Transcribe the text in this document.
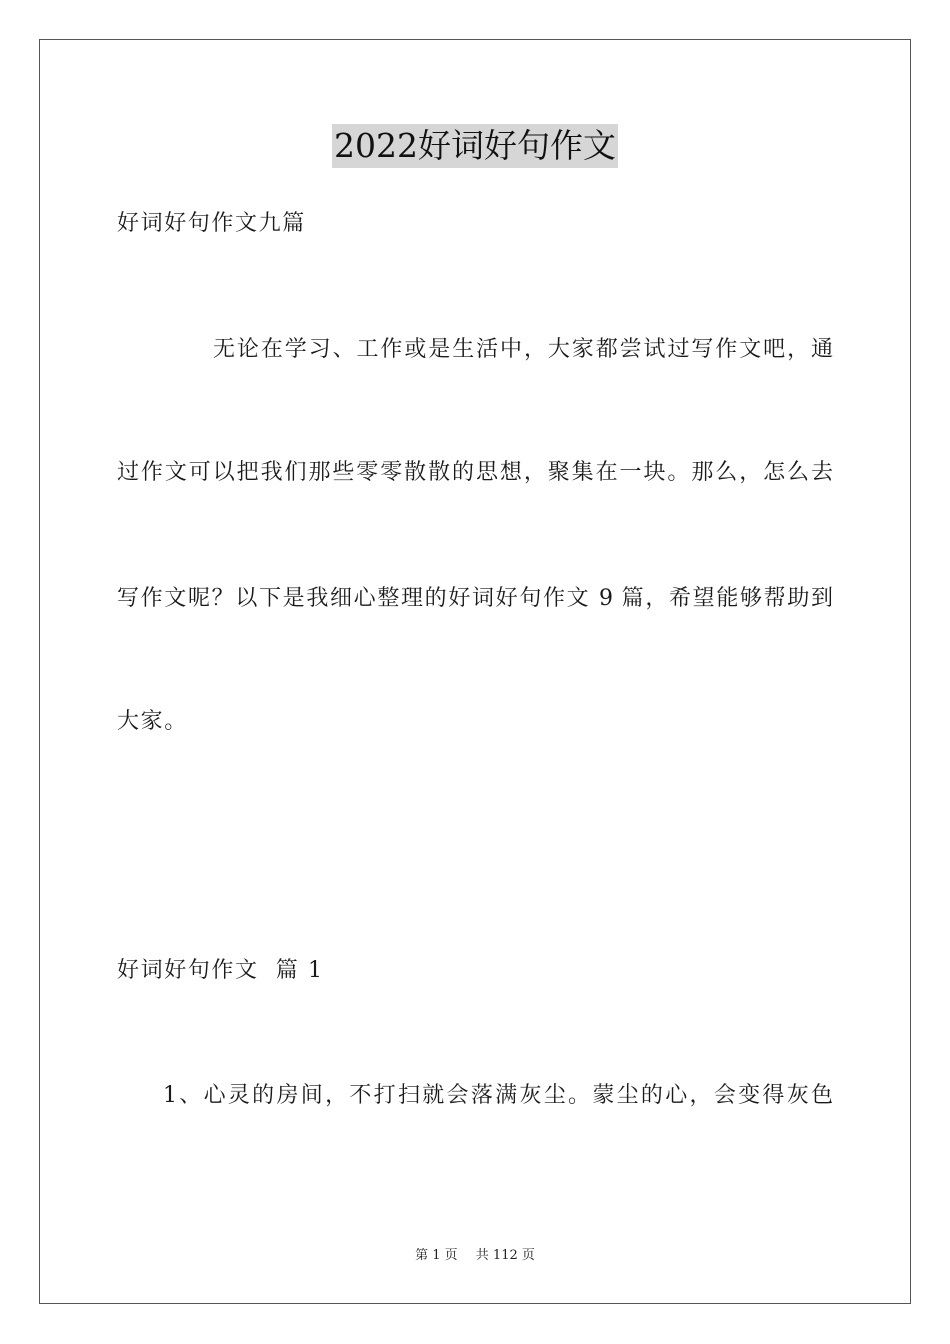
2022好词好句作文
好词好句作文九篇
无论在学习、工作或是生活中，大家都尝试过写作文吧，通
过作文可以把我们那些零零散散的思想，聚集在一块。那么，怎么去
写作文呢？以下是我细心整理的好词好句作文 9 篇，希望能够帮助到
大家。
好词好句作文  篇 1
1、心灵的房间，不打扫就会落满灰尘。蒙尘的心，会变得灰色
第 1 页 共 112 页
